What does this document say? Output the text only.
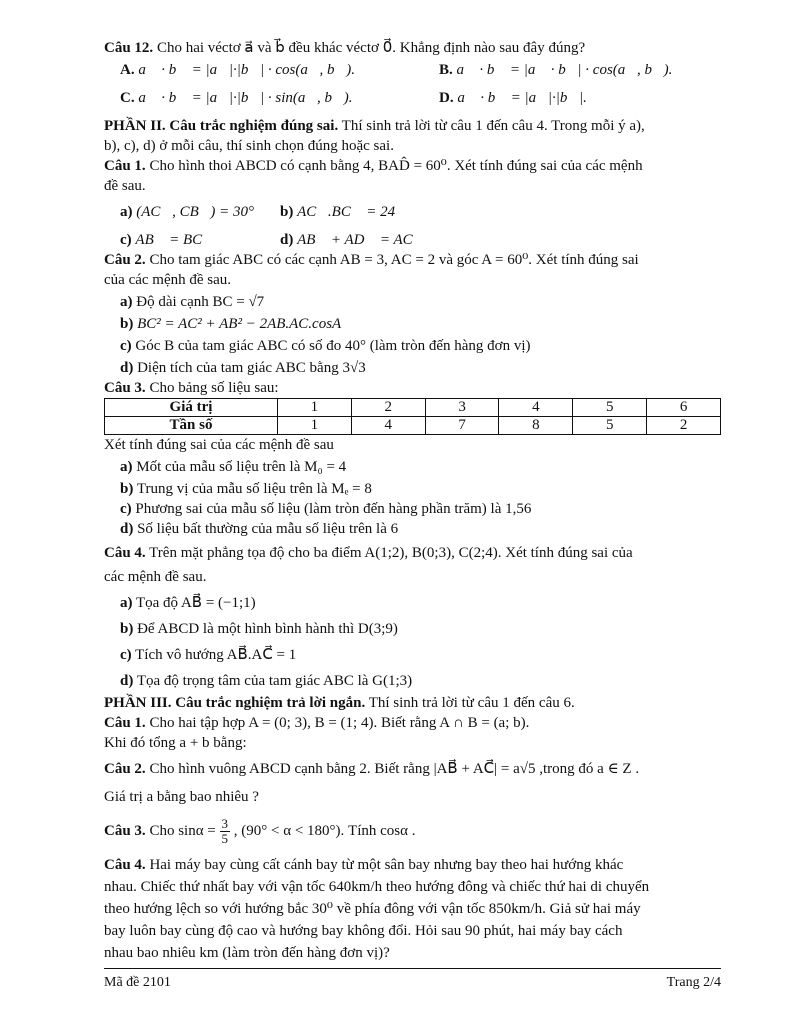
Câu 12. Cho hai véctơ a⃗ và b⃗ đều khác véctơ 0⃗. Khẳng định nào sau đây đúng?
A. a⃗ · b⃗ = |a⃗|·|b⃗| · cos(a⃗, b⃗).	B. a⃗ · b⃗ = |a⃗ · b⃗| · cos(a⃗, b⃗).
C. a⃗ · b⃗ = |a⃗|·|b⃗| · sin(a⃗, b⃗).	D. a⃗ · b⃗ = |a⃗|·|b⃗|.
PHẦN II. Câu trắc nghiệm đúng sai. Thí sinh trả lời từ câu 1 đến câu 4. Trong mỗi ý a),
b), c), d) ở mỗi câu, thí sinh chọn đúng hoặc sai.
Câu 1. Cho hình thoi ABCD có cạnh bằng 4, BAD̂ = 60⁰. Xét tính đúng sai của các mệnh
đề sau.
a) (AC⃗, CB⃗) = 30°	b) AC⃗.BC⃗ = 24
c) AB⃗ = BC⃗	d) AB⃗ + AD⃗ = AC⃗
Câu 2. Cho tam giác ABC có các cạnh AB = 3, AC = 2 và góc A = 60⁰. Xét tính đúng sai
của các mệnh đề sau.
a) Độ dài cạnh BC = √7
b) BC² = AC² + AB² − 2AB.AC.cosA
c) Góc B của tam giác ABC có số đo 40° (làm tròn đến hàng đơn vị)
d) Diện tích của tam giác ABC bằng 3√3
Câu 3. Cho bảng số liệu sau:
Giá trị	1	2	3	4	5	6
Tần số	1	4	7	8	5	2
Xét tính đúng sai của các mệnh đề sau
a) Mốt của mẫu số liệu trên là M₀ = 4
b) Trung vị của mẫu số liệu trên là Mₑ = 8
c) Phương sai của mẫu số liệu (làm tròn đến hàng phần trăm) là 1,56
d) Số liệu bất thường của mẫu số liệu trên là 6
Câu 4. Trên mặt phẳng tọa độ cho ba điểm A(1;2), B(0;3), C(2;4). Xét tính đúng sai của
các mệnh đề sau.
a) Tọa độ AB⃗ = (−1;1)
b) Để ABCD là một hình bình hành thì D(3;9)
c) Tích vô hướng AB⃗.AC⃗ = 1
d) Tọa độ trọng tâm của tam giác ABC là G(1;3)
PHẦN III. Câu trắc nghiệm trả lời ngắn. Thí sinh trả lời từ câu 1 đến câu 6.
Câu 1. Cho hai tập hợp A = (0; 3), B = (1; 4). Biết rằng A ∩ B = (a; b).
Khi đó tổng a + b bằng:
Câu 2. Cho hình vuông ABCD cạnh bằng 2. Biết rằng |AB⃗ + AC⃗| = a√5 ,trong đó a ∈ Z .
Giá trị a bằng bao nhiêu ?
Câu 3. Cho $\sin\alpha = \frac{3}{5}$ , (90° < α < 180°). Tính cosα .
Câu 4. Hai máy bay cùng cất cánh bay từ một sân bay nhưng bay theo hai hướng khác
nhau. Chiếc thứ nhất bay với vận tốc 640km/h theo hướng đông và chiếc thứ hai di chuyển
theo hướng lệch so với hướng bắc 30⁰ về phía đông với vận tốc 850km/h. Giả sử hai máy
bay luôn bay cùng độ cao và hướng bay không đổi. Hỏi sau 90 phút, hai máy bay cách
nhau bao nhiêu km (làm tròn đến hàng đơn vị)?
Mã đề 2101	Trang 2/4
